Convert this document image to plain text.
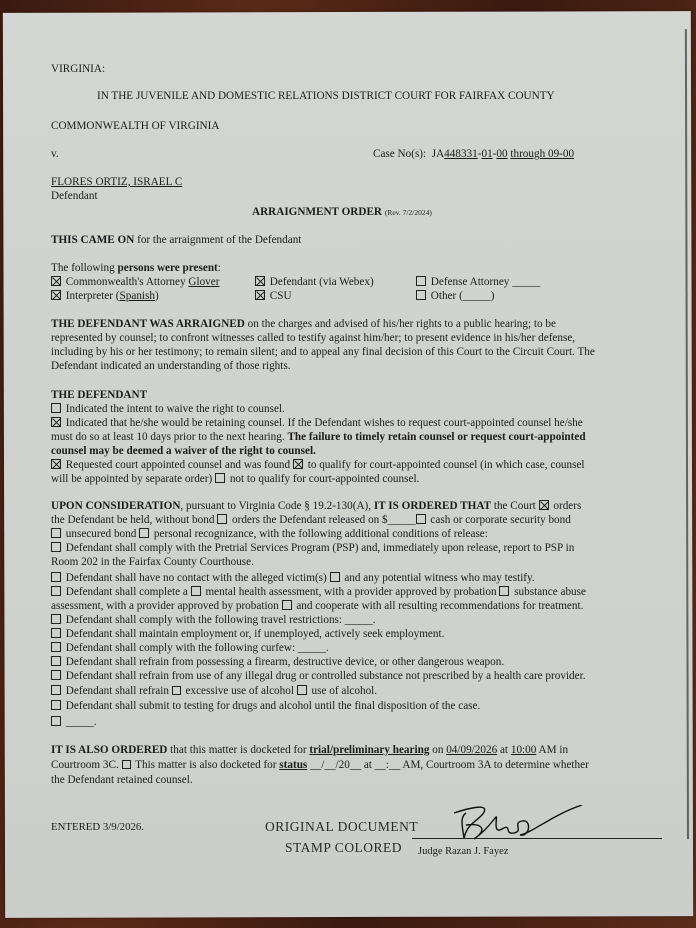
VIRGINIA:
IN THE JUVENILE AND DOMESTIC RELATIONS DISTRICT COURT FOR FAIRFAX COUNTY
COMMONWEALTH OF VIRGINIA
v.	Case No(s): JA448331-01-00 through 09-00
FLORES ORTIZ, ISRAEL C
Defendant
ARRAIGNMENT ORDER (Rev. 7/2/2024)
THIS CAME ON for the arraignment of the Defendant
The following persons were present:
Commonwealth's Attorney Glover	Defendant (via Webex)	Defense Attorney _____
Interpreter (Spanish)	CSU	Other (_____)
THE DEFENDANT WAS ARRAIGNED on the charges and advised of his/her rights to a public hearing; to be
represented by counsel; to confront witnesses called to testify against him/her; to present evidence in his/her defense,
including by his or her testimony; to remain silent; and to appeal any final decision of this Court to the Circuit Court. The
Defendant indicated an understanding of those rights.
THE DEFENDANT
Indicated the intent to waive the right to counsel.
Indicated that he/she would be retaining counsel. If the Defendant wishes to request court-appointed counsel he/she
must do so at least 10 days prior to the next hearing. The failure to timely retain counsel or request court-appointed
counsel may be deemed a waiver of the right to counsel.
Requested court appointed counsel and was found  to qualify for court-appointed counsel (in which case, counsel
will be appointed by separate order)  not to qualify for court-appointed counsel.
UPON CONSIDERATION, pursuant to Virginia Code § 19.2-130(A), IT IS ORDERED THAT the Court  orders
the Defendant be held, without bond  orders the Defendant released on $_____ cash or corporate security bond
unsecured bond  personal recognizance, with the following additional conditions of release:
Defendant shall comply with the Pretrial Services Program (PSP) and, immediately upon release, report to PSP in
Room 202 in the Fairfax County Courthouse.
Defendant shall have no contact with the alleged victim(s)  and any potential witness who may testify.
Defendant shall complete a  mental health assessment, with a provider approved by probation  substance abuse
assessment, with a provider approved by probation  and cooperate with all resulting recommendations for treatment.
Defendant shall comply with the following travel restrictions: _____.
Defendant shall maintain employment or, if unemployed, actively seek employment.
Defendant shall comply with the following curfew: _____.
Defendant shall refrain from possessing a firearm, destructive device, or other dangerous weapon.
Defendant shall refrain from use of any illegal drug or controlled substance not prescribed by a health care provider.
Defendant shall refrain  excessive use of alcohol  use of alcohol.
Defendant shall submit to testing for drugs and alcohol until the final disposition of the case.
_____.
IT IS ALSO ORDERED that this matter is docketed for trial/preliminary hearing on 04/09/2026 at 10:00 AM in
Courtroom 3C.  This matter is also docketed for status __/__/20__ at __:__ AM, Courtroom 3A to determine whether
the Defendant retained counsel.
ENTERED 3/9/2026.	ORIGINAL DOCUMENT
STAMP COLORED Judge Razan J. Fayez
